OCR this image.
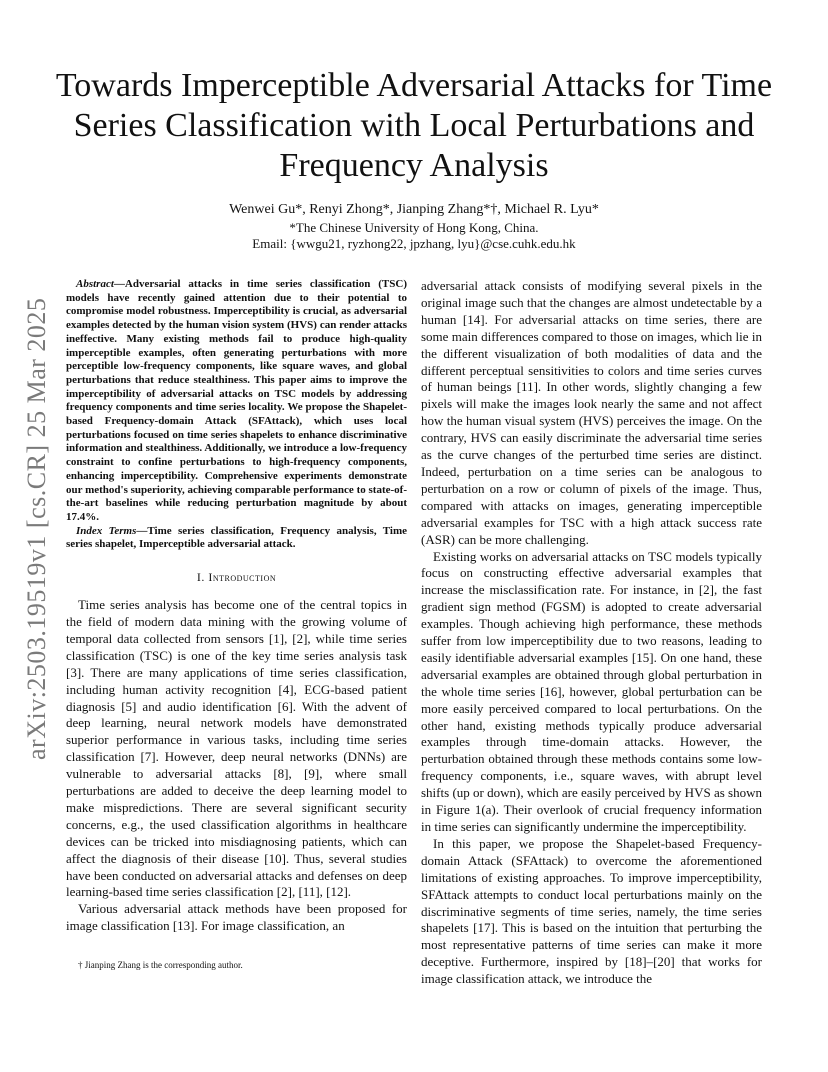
arXiv:2503.19519v1 [cs.CR] 25 Mar 2025
Towards Imperceptible Adversarial Attacks for Time Series Classification with Local Perturbations and Frequency Analysis
Wenwei Gu*, Renyi Zhong*, Jianping Zhang*†, Michael R. Lyu*
*The Chinese University of Hong Kong, China.
Email: {wwgu21, ryzhong22, jpzhang, lyu}@cse.cuhk.edu.hk

Abstract—Adversarial attacks in time series classification (TSC) models have recently gained attention due to their potential to compromise model robustness. Imperceptibility is crucial, as adversarial examples detected by the human vision system (HVS) can render attacks ineffective. Many existing methods fail to produce high-quality imperceptible examples, often generating perturbations with more perceptible low-frequency components, like square waves, and global perturbations that reduce stealthiness. This paper aims to improve the imperceptibility of adversarial attacks on TSC models by addressing frequency components and time series locality. We propose the Shapelet-based Frequency-domain Attack (SFAttack), which uses local perturbations focused on time series shapelets to enhance discriminative information and stealthiness. Additionally, we introduce a low-frequency constraint to confine perturbations to high-frequency components, enhancing imperceptibility. Comprehensive experiments demonstrate our method's superiority, achieving comparable performance to state-of-the-art baselines while reducing perturbation magnitude by about 17.4%.

Index Terms—Time series classification, Frequency analysis, Time series shapelet, Imperceptible adversarial attack.

I. Introduction

Time series analysis has become one of the central topics in the field of modern data mining with the growing volume of temporal data collected from sensors [1], [2], while time series classification (TSC) is one of the key time series analysis task [3]. There are many applications of time series classification, including human activity recognition [4], ECG-based patient diagnosis [5] and audio identification [6]. With the advent of deep learning, neural network models have demonstrated superior performance in various tasks, including time series classification [7]. However, deep neural networks (DNNs) are vulnerable to adversarial attacks [8], [9], where small perturbations are added to deceive the deep learning model to make mispredictions. There are several significant security concerns, e.g., the used classification algorithms in healthcare devices can be tricked into misdiagnosing patients, which can affect the diagnosis of their disease [10]. Thus, several studies have been conducted on adversarial attacks and defenses on deep learning-based time series classification [2], [11], [12].

Various adversarial attack methods have been proposed for image classification [13]. For image classification, an

† Jianping Zhang is the corresponding author.

adversarial attack consists of modifying several pixels in the original image such that the changes are almost undetectable by a human [14]. For adversarial attacks on time series, there are some main differences compared to those on images, which lie in the different visualization of both modalities of data and the different perceptual sensitivities to colors and time series curves of human beings [11]. In other words, slightly changing a few pixels will make the images look nearly the same and not affect how the human visual system (HVS) perceives the image. On the contrary, HVS can easily discriminate the adversarial time series as the curve changes of the perturbed time series are distinct. Indeed, perturbation on a time series can be analogous to perturbation on a row or column of pixels of the image. Thus, compared with attacks on images, generating imperceptible adversarial examples for TSC with a high attack success rate (ASR) can be more challenging.

Existing works on adversarial attacks on TSC models typically focus on constructing effective adversarial examples that increase the misclassification rate. For instance, in [2], the fast gradient sign method (FGSM) is adopted to create adversarial examples. Though achieving high performance, these methods suffer from low imperceptibility due to two reasons, leading to easily identifiable adversarial examples [15]. On one hand, these adversarial examples are obtained through global perturbation in the whole time series [16], however, global perturbation can be more easily perceived compared to local perturbations. On the other hand, existing methods typically produce adversarial examples through time-domain attacks. However, the perturbation obtained through these methods contains some low-frequency components, i.e., square waves, with abrupt level shifts (up or down), which are easily perceived by HVS as shown in Figure 1(a). Their overlook of crucial frequency information in time series can significantly undermine the imperceptibility.

In this paper, we propose the Shapelet-based Frequency-domain Attack (SFAttack) to overcome the aforementioned limitations of existing approaches. To improve imperceptibility, SFAttack attempts to conduct local perturbations mainly on the discriminative segments of time series, namely, the time series shapelets [17]. This is based on the intuition that perturbing the most representative patterns of time series can make it more deceptive. Furthermore, inspired by [18]–[20] that works for image classification attack, we introduce the
